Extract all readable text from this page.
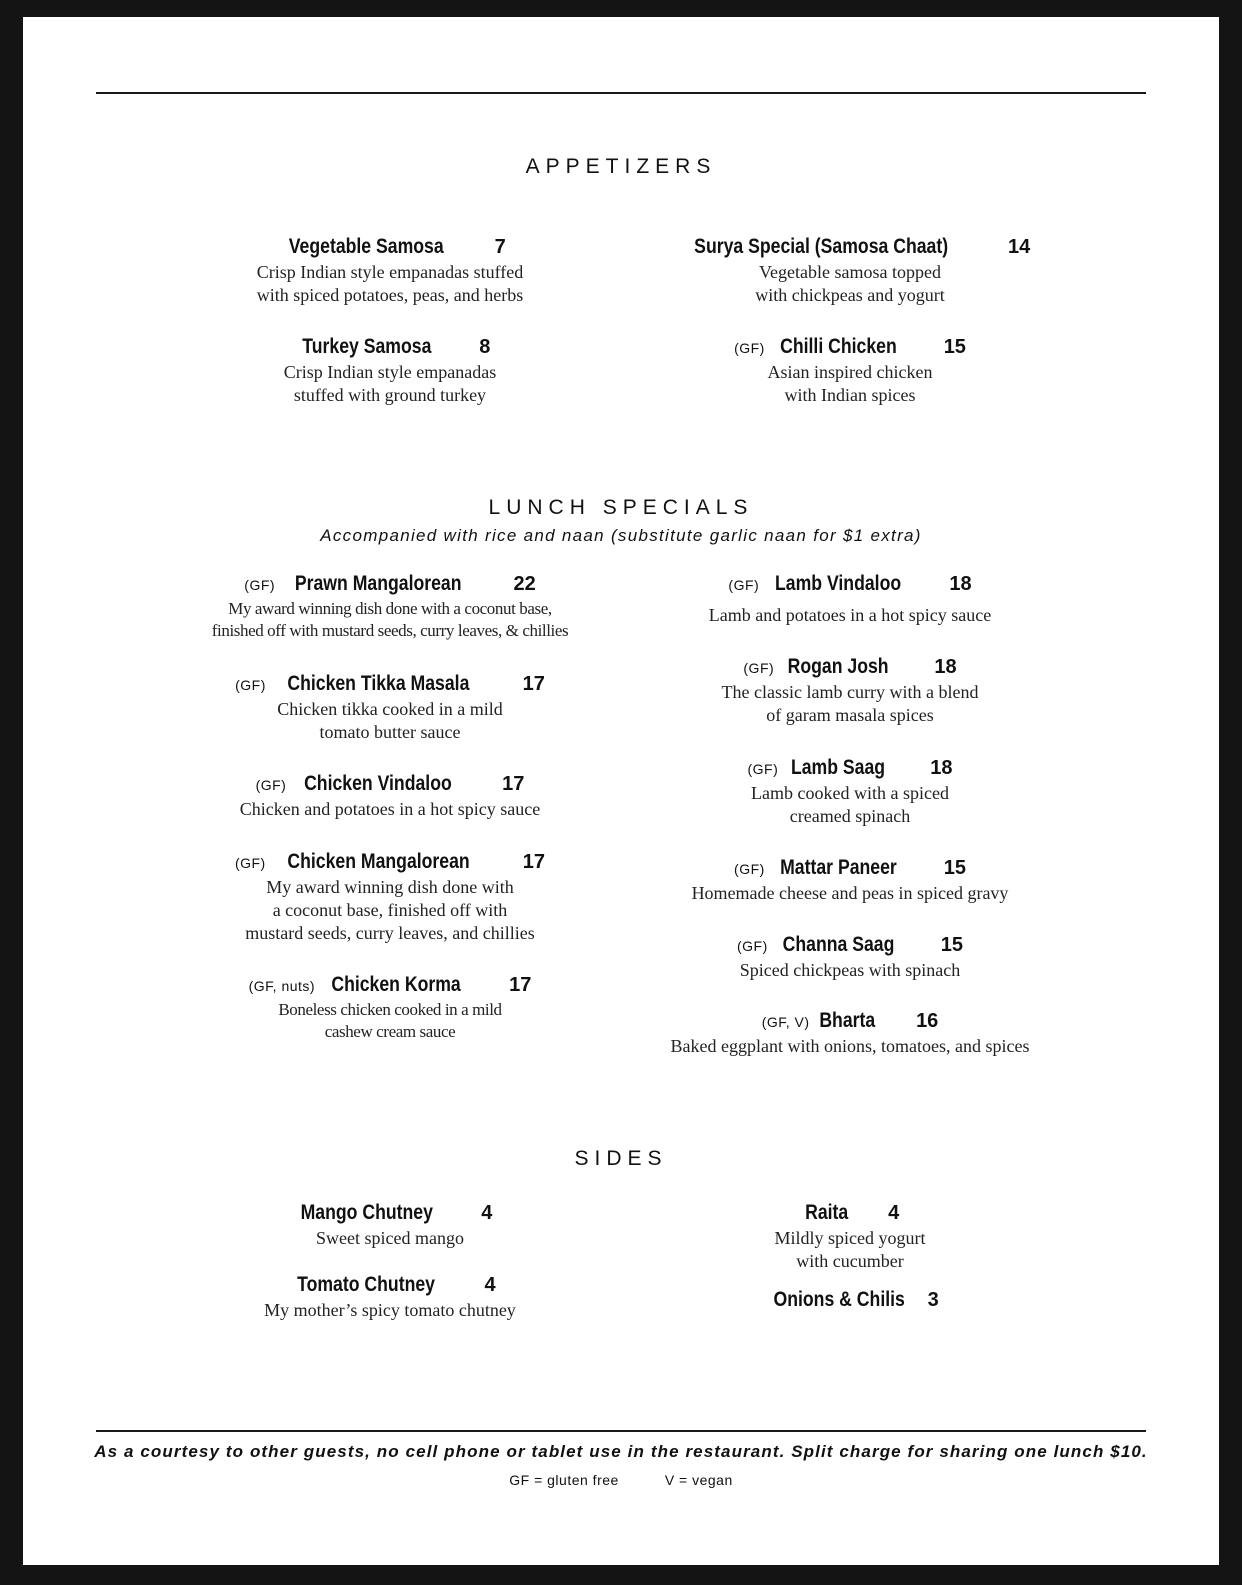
APPETIZERS
Vegetable Samosa	7
Crisp Indian style empanadas stuffed
with spiced potatoes, peas, and herbs
Surya Special (Samosa Chaat)	14
Vegetable samosa topped
with chickpeas and yogurt
Turkey Samosa 8
Crisp Indian style empanadas
stuffed with ground turkey
(GF) Chilli Chicken 15
Asian inspired chicken
with Indian spices
LUNCH SPECIALS
Accompanied with rice and naan (substitute garlic naan for $1 extra)
(GF) Prawn Mangalorean	22
My award winning dish done with a coconut base,
finished off with mustard seeds, curry leaves, & chillies
(GF) Chicken Tikka Masala	17
Chicken tikka cooked in a mild
tomato butter sauce
(GF) Chicken Vindaloo	17
Chicken and potatoes in a hot spicy sauce
(GF) Chicken Mangalorean	17
My award winning dish done with
a coconut base, finished off with
mustard seeds, curry leaves, and chillies
(GF, nuts) Chicken Korma 17
Boneless chicken cooked in a mild
cashew cream sauce
(GF) Lamb Vindaloo 18
Lamb and potatoes in a hot spicy sauce
(GF) Rogan Josh 18
The classic lamb curry with a blend
of garam masala spices
(GF) Lamb Saag 18
Lamb cooked with a spiced
creamed spinach
(GF) Mattar Paneer 15
Homemade cheese and peas in spiced gravy
(GF) Channa Saag 15
Spiced chickpeas with spinach
(GF, V) Bharta 16
Baked eggplant with onions, tomatoes, and spices
SIDES
Mango Chutney 4
Sweet spiced mango
Raita 4
Mildly spiced yogurt
with cucumber
Tomato Chutney 4
My mother’s spicy tomato chutney	Onions & Chilis 3
As a courtesy to other guests, no cell phone or tablet use in the restaurant. Split charge for sharing one lunch $10.
GF = gluten free	V = vegan
